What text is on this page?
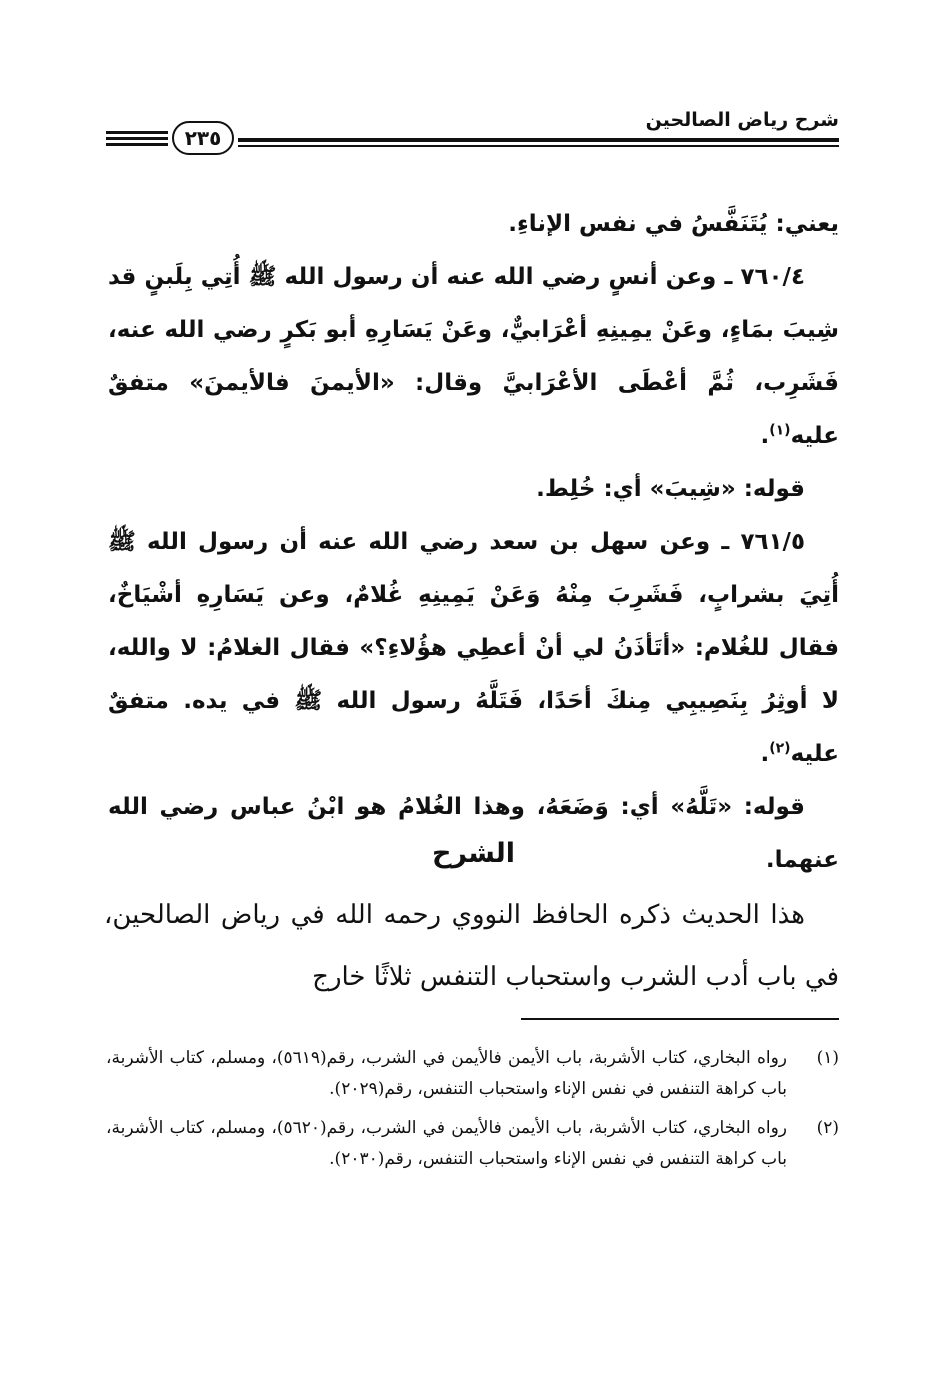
شرح رياض الصالحين
٢٣٥

يعني: يُتَنَفَّسُ في نفس الإناءِ.

٧٦٠/٤ ـ وعن أنسٍ رضي الله عنه أن رسول الله ﷺ أُتِي بِلَبنٍ قد شِيبَ بمَاءٍ، وعَنْ يمِينِهِ أعْرَابيٌّ، وعَنْ يَسَارِهِ أبو بَكرٍ رضي الله عنه، فَشَرِب، ثُمَّ أعْطَى الأعْرَابيَّ وقال: «الأيمنَ فالأيمنَ» متفقٌ عليه$^{(١)}$.

قوله: «شِيبَ» أي: خُلِط.

٧٦١/٥ ـ وعن سهل بن سعد رضي الله عنه أن رسول الله ﷺ أُتِيَ بشرابٍ، فَشَرِبَ مِنْهُ وَعَنْ يَمِينِهِ غُلامٌ، وعن يَسَارِهِ أشْيَاخٌ، فقال للغُلام: «أتَأذَنُ لي أنْ أعطِي هؤُلاءِ؟» فقال الغلامُ: لا والله، لا أوثِرُ بِنَصِيبِي مِنكَ أحَدًا، فَتَلَّهُ رسول الله ﷺ في يده. متفقٌ عليه$^{(٢)}$.

قوله: «تَلَّهُ» أي: وَضَعَهُ، وهذا الغُلامُ هو ابْنُ عباس رضي الله عنهما.

الشرح

هذا الحديث ذكره الحافظ النووي رحمه الله في رياض الصالحين، في باب أدب الشرب واستحباب التنفس ثلاثًا خارج

(١)
رواه البخاري، كتاب الأشربة، باب الأيمن فالأيمن في الشرب، رقم(٥٦١٩)، ومسلم، كتاب الأشربة، باب كراهة التنفس في نفس الإناء واستحباب التنفس، رقم(٢٠٢٩).
(٢)
رواه البخاري، كتاب الأشربة، باب الأيمن فالأيمن في الشرب، رقم(٥٦٢٠)، ومسلم، كتاب الأشربة، باب كراهة التنفس في نفس الإناء واستحباب التنفس، رقم(٢٠٣٠).
